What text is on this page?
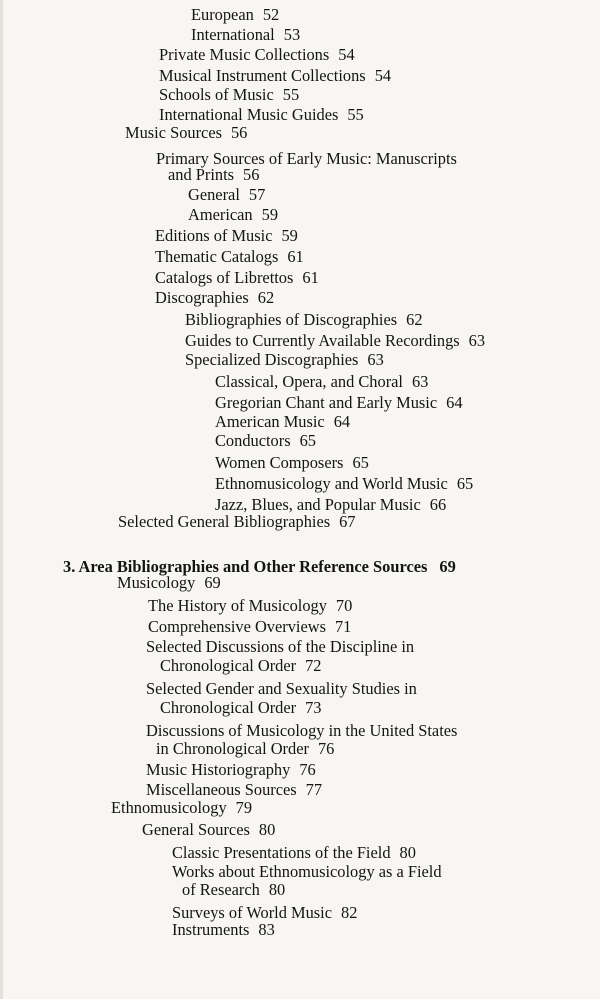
European 52
International 53
Private Music Collections 54
Musical Instrument Collections 54
Schools of Music 55
International Music Guides 55
Music Sources 56
Primary Sources of Early Music: Manuscripts
and Prints 56
General 57
American 59
Editions of Music 59
Thematic Catalogs 61
Catalogs of Librettos 61
Discographies 62
Bibliographies of Discographies 62
Guides to Currently Available Recordings 63
Specialized Discographies 63
Classical, Opera, and Choral 63
Gregorian Chant and Early Music 64
American Music 64
Conductors 65
Women Composers 65
Ethnomusicology and World Music 65
Jazz, Blues, and Popular Music 66
Selected General Bibliographies 67
3. Area Bibliographies and Other Reference Sources 69
Musicology 69
The History of Musicology 70
Comprehensive Overviews 71
Selected Discussions of the Discipline in
Chronological Order 72
Selected Gender and Sexuality Studies in
Chronological Order 73
Discussions of Musicology in the United States
in Chronological Order 76
Music Historiography 76
Miscellaneous Sources 77
Ethnomusicology 79
General Sources 80
Classic Presentations of the Field 80
Works about Ethnomusicology as a Field
of Research 80
Surveys of World Music 82
Instruments 83
